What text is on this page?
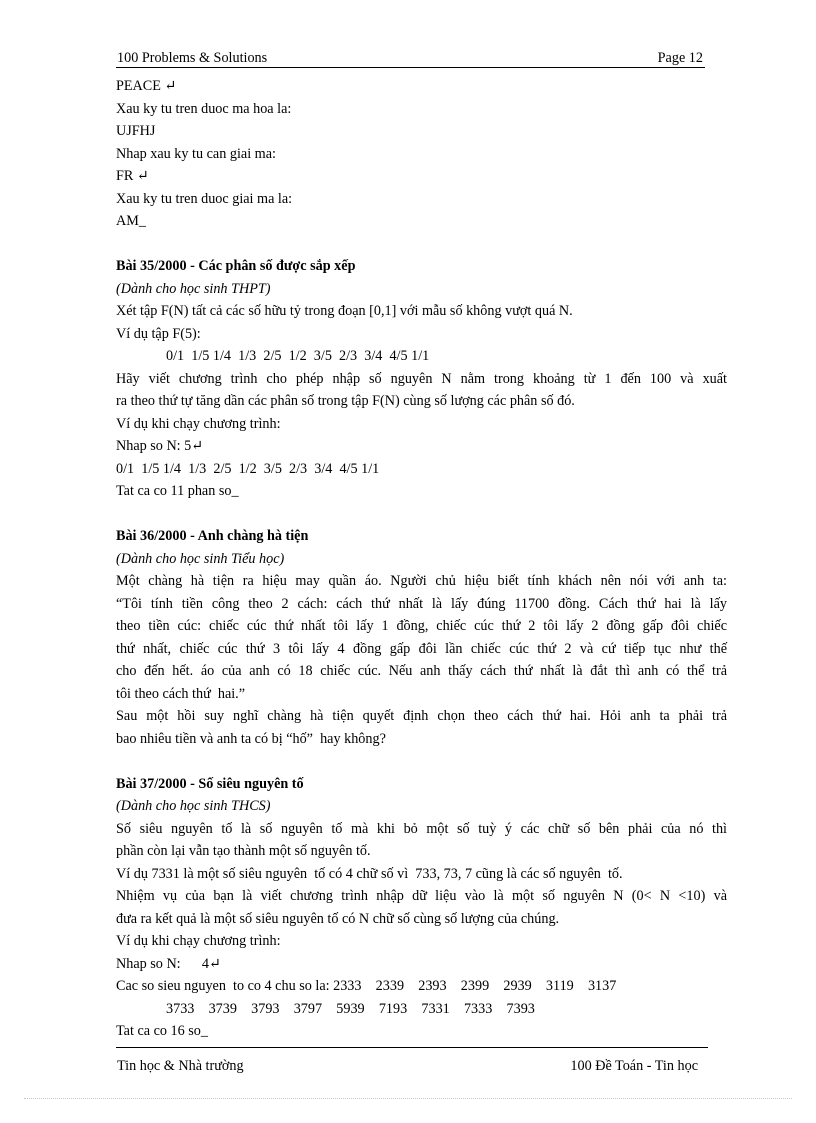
100 Problems & Solutions	Page 12
PEACE ↵
Xau ky tu tren duoc ma hoa la:
UJFHJ
Nhap xau ky tu can giai ma:
FR ↵
Xau ky tu tren duoc giai ma la:
AM_
Bài 35/2000 - Các phân số được sắp xếp
(Dành cho học sinh THPT)
Xét tập F(N) tất cả các số hữu tỷ trong đoạn [0,1] với mẫu số không vượt quá N.
Ví dụ tập F(5):
0/1  1/5 1/4  1/3  2/5  1/2  3/5  2/3  3/4  4/5 1/1
Hãy viết chương trình cho phép nhập số nguyên N nằm trong khoảng từ 1 đến 100 và xuất
ra theo thứ tự tăng dần các phân số trong tập F(N) cùng số lượng các phân số đó.
Ví dụ khi chạy chương trình:
Nhap so N: 5↵
0/1  1/5 1/4  1/3  2/5  1/2  3/5  2/3  3/4  4/5 1/1
Tat ca co 11 phan so_
Bài 36/2000 - Anh chàng hà tiện
(Dành cho học sinh Tiểu học)
Một chàng hà tiện ra hiệu may quần áo. Người chủ hiệu biết tính khách nên nói với anh ta:
“Tôi tính tiền công theo 2 cách: cách thứ nhất là lấy đúng 11700 đồng. Cách thứ hai là lấy
theo tiền cúc: chiếc cúc thứ nhất tôi lấy 1 đồng, chiếc cúc thứ 2 tôi lấy 2 đồng gấp đôi chiếc
thứ nhất, chiếc cúc thứ 3 tôi lấy 4 đồng gấp đôi lần chiếc cúc thứ 2 và cứ tiếp tục như thế
cho đến hết. áo của anh có 18 chiếc cúc. Nếu anh thấy cách thứ nhất là đắt thì anh có thể trả
tôi theo cách thứ  hai.”
Sau một hồi suy nghĩ chàng hà tiện quyết định chọn theo cách thứ hai. Hỏi anh ta phải trả
bao nhiêu tiền và anh ta có bị “hố”  hay không?
Bài 37/2000 - Số siêu nguyên tố
(Dành cho học sinh THCS)
Số siêu nguyên tố là số nguyên tố mà khi bỏ một số tuỳ ý các chữ số bên phải của nó thì
phần còn lại vẫn tạo thành một số nguyên tố.
Ví dụ 7331 là một số siêu nguyên  tố có 4 chữ số vì  733, 73, 7 cũng là các số nguyên  tố.
Nhiệm vụ của bạn là viết chương trình nhập dữ liệu vào là một số nguyên N (0< N <10) và
đưa ra kết quả là một số siêu nguyên tố có N chữ số cùng số lượng của chúng.
Ví dụ khi chạy chương trình:
Nhap so N:      4↵
Cac so sieu nguyen  to co 4 chu so la: 2333    2339    2393    2399    2939    3119    3137
3733    3739    3793    3797    5939    7193    7331    7333    7393
Tat ca co 16 so_
Tin học & Nhà trường	100 Đề Toán - Tin học
